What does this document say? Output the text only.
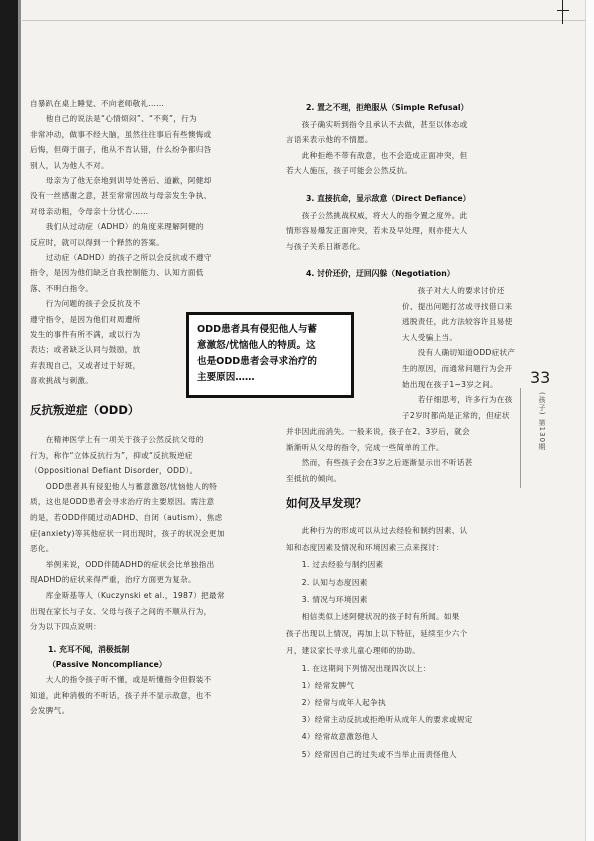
自暴趴在桌上睡觉、不向老师敬礼……
　　他自己的说法是“心情烦闷”、“不爽”，行为
非常冲动，做事不经大脑，虽然往往事后有些懊悔或
后悔，但碍于面子，他从不肯认错，什么纷争都归咎
别人，认为他人不对。
　　母亲为了他无奈地到训导处善后、道歉，阿健却
没有一丝感谢之意，甚至常常因故与母亲发生争执、
对母亲动粗，令母亲十分忧心……
　　我们从过动症（ADHD）的角度来理解阿健的
反应时，就可以得到一个释然的答案。
　　过动症（ADHD）的孩子之所以会反抗或不遵守
指令，是因为他们缺乏自我控制能力、认知方面低
落、不明白指令。
　　行为问题的孩子会反抗及不
遵守指令，是因为他们对周遭所
发生的事件有所不满，或以行为
表达；或者缺乏认同与鼓励，放
弃表现自己，又或者过于好斑，
喜欢挑战与刺激。
反抗叛逆症（ODD）
　　在精神医学上有一项关于孩子公然反抗父母的
行为，称作“立体反抗行为”，抑或“反抗叛逆症
（Oppositional Defiant Disorder，ODD）。
　　ODD患者具有侵犯他人与蓄意激怒/忧恼他人的特
质，这也是ODD患者会寻求治疗的主要原因。需注意
的是，若ODD伴随过动ADHD、自闭（autism）、焦虑
症(anxiety)等其他症状一同出现时，孩子的状况会更加
恶化。
　　举例来说，ODD伴随ADHD的症状会比单独指出
现ADHD的症状来得严重，治疗方面更为复杂。
　　库金斯基等人（Kuczynski et al.，1987）把最常
出现在家长与子女、父母与孩子之间的不顺从行为，
分为以下四点说明：
1. 充耳不闻，消极抵制
（Passive Noncompliance）
　　大人的指令孩子听不懂，或是听懂指令但假装不
知道，此种消极的不听话，孩子并不显示敌意，也不
会发脾气。
2. 置之不理，拒绝服从（Simple Refusal）
　　孩子确实听到指令且承认不去做，甚至以体态或
言语来表示他的不情愿。
　　此种拒绝不带有敌意，也不会造成正面冲突，但
若大人施压，孩子可能会公然反抗。
3. 直接抗命，显示敌意（Direct Defiance）
　　孩子公然挑战权威，将大人的指令置之度外。此
情形容易爆发正面冲突，若未及早处理，则亦使大人
与孩子关系日渐恶化。
4. 讨价还价，迂回闪躲（Negotiation）
　　孩子对大人的要求讨价还
价、提出问题打岔或寻找借口来
逃脱责任，此方法较容许且易使
大人受骗上当。
　　没有人确切知道ODD症状产
生的原因，而通常问题行为会开
始出现在孩子1~3岁之间。
　　若仔细思考，许多行为在孩
子2岁时都尚是正常的，但症状
并非因此而消失。一般来说，孩子在2、3岁后，就会
渐渐听从父母的指令，完成一些简单的工作。
　　然而，有些孩子会在3岁之后逐渐显示出不听话甚
至抵抗的倾向。
如何及早发现？
　　此种行为的形成可以从过去经验和制约因素、认
知和态度因素及情况和环境因素三点来探讨：
　　1. 过去经验与制约因素
　　2. 认知与态度因素
　　3. 情况与环境因素
　　相信类似上述阿健状况的孩子时有所闻。如果
孩子出现以上情况，再加上以下特征，延续至少六个
月，建议家长寻求儿童心理师的协助。
　　1. 在这期间下列情况出现四次以上：
　　1）经常发脾气
　　2）经常与成年人起争执
　　3）经常主动反抗或拒绝听从成年人的要求或规定
　　4）经常故意激怒他人
　　5）经常因自己的过失或不当举止而责怪他人
ODD患者具有侵犯他人与蓄
意激怒/忧恼他人的特质。这
也是ODD患者会寻求治疗的
主要原因……	33
(孩子) 第130期
